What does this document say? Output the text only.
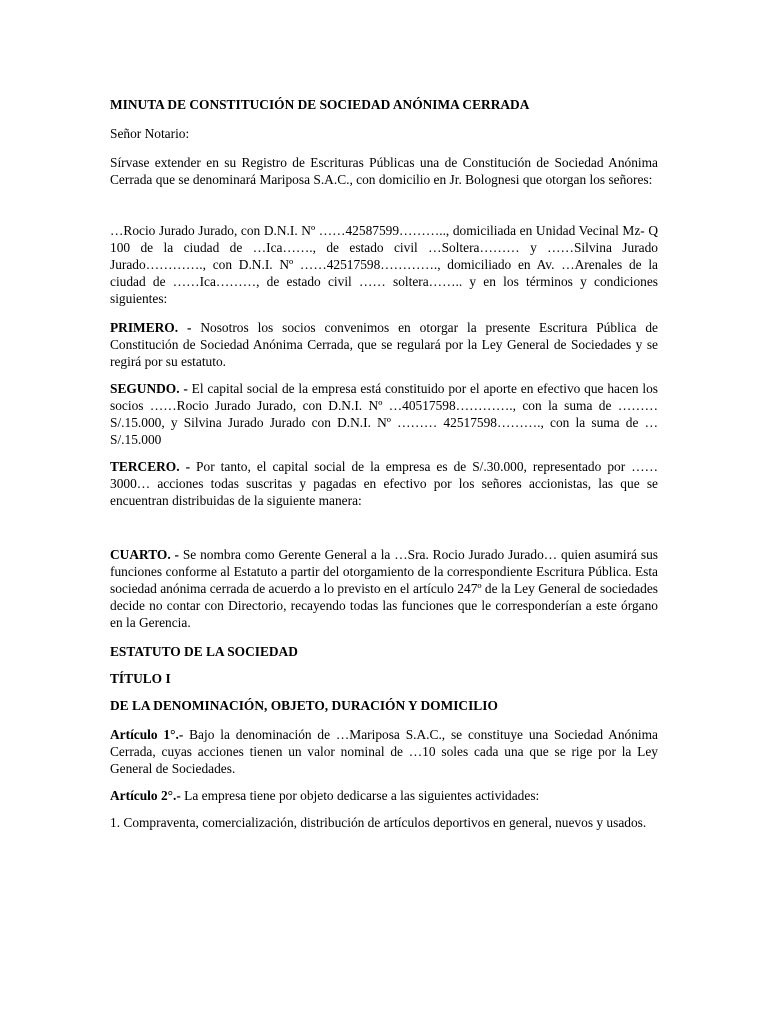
MINUTA DE CONSTITUCIÓN DE SOCIEDAD ANÓNIMA CERRADA

Señor Notario:

Sírvase extender en su Registro de Escrituras Públicas una de Constitución de Sociedad Anónima Cerrada que se denominará Mariposa S.A.C., con domicilio en Jr. Bolognesi que otorgan los señores:

…Rocio Jurado Jurado, con D.N.I. Nº ……42587599……….., domiciliada en Unidad Vecinal Mz- Q 100 de la ciudad de …Ica……., de estado civil …Soltera……… y ……Silvina Jurado Jurado…………., con D.N.I. Nº ……42517598…………., domiciliado en Av. …Arenales de la ciudad de ……Ica………, de estado civil …… soltera…….. y en los términos y condiciones siguientes:

PRIMERO. - Nosotros los socios convenimos en otorgar la presente Escritura Pública de Constitución de Sociedad Anónima Cerrada, que se regulará por la Ley General de Sociedades y se regirá por su estatuto.

SEGUNDO. - El capital social de la empresa está constituido por el aporte en efectivo que hacen los socios ……Rocio Jurado Jurado, con D.N.I. Nº …40517598…………., con la suma de ………S/.15.000, y Silvina Jurado Jurado con D.N.I. Nº ……… 42517598………., con la suma de …S/.15.000

TERCERO. - Por tanto, el capital social de la empresa es de S/.30.000, representado por ……3000… acciones todas suscritas y pagadas en efectivo por los señores accionistas, las que se encuentran distribuidas de la siguiente manera:

CUARTO. - Se nombra como Gerente General a la …Sra. Rocio Jurado Jurado… quien asumirá sus funciones conforme al Estatuto a partir del otorgamiento de la correspondiente Escritura Pública. Esta sociedad anónima cerrada de acuerdo a lo previsto en el artículo 247º de la Ley General de sociedades decide no contar con Directorio, recayendo todas las funciones que le corresponderían a este órgano en la Gerencia.

ESTATUTO DE LA SOCIEDAD

TÍTULO I

DE LA DENOMINACIÓN, OBJETO, DURACIÓN Y DOMICILIO

Artículo 1°.- Bajo la denominación de …Mariposa S.A.C., se constituye una Sociedad Anónima Cerrada, cuyas acciones tienen un valor nominal de …10 soles cada una que se rige por la Ley General de Sociedades.

Artículo 2°.- La empresa tiene por objeto dedicarse a las siguientes actividades:

1. Compraventa, comercialización, distribución de artículos deportivos en general, nuevos y usados.
